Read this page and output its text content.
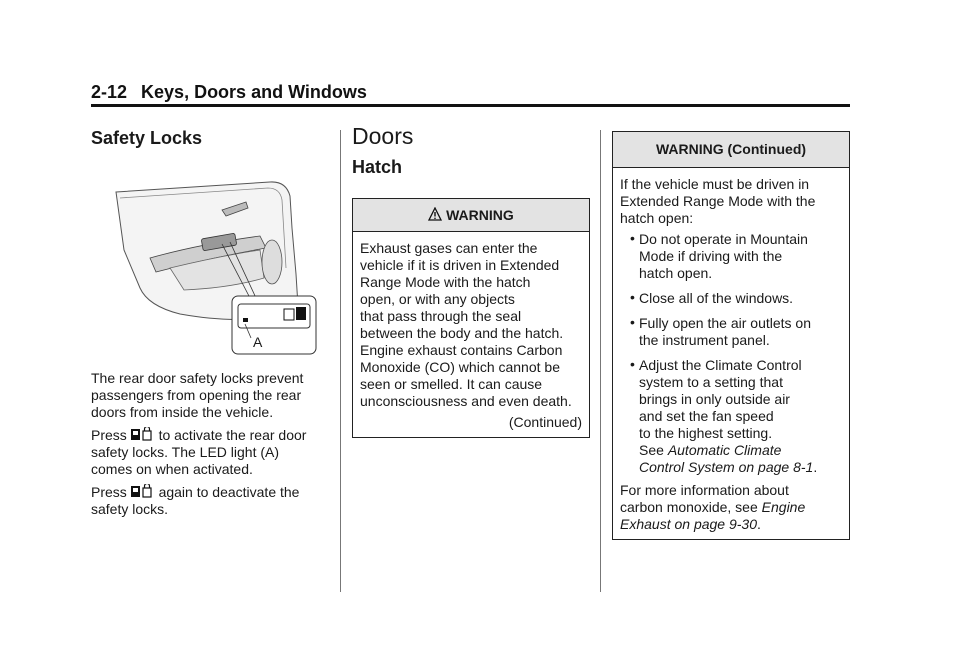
2-12 Keys, Doors and Windows
Safety Locks
A

The rear door safety locks prevent passengers from opening the rear doors from inside the vehicle.

Press to activate the rear door
safety locks. The LED light (A)
comes on when activated.

Press again to deactivate the
safety locks.

Doors
Hatch
WARNING
Exhaust gases can enter the
vehicle if it is driven in Extended
Range Mode with the hatch
open, or with any objects
that pass through the seal
between the body and the hatch.
Engine exhaust contains Carbon
Monoxide (CO) which cannot be
seen or smelled. It can cause
unconsciousness and even death.
(Continued)
WARNING (Continued)
If the vehicle must be driven in
Extended Range Mode with the
hatch open:
• Do not operate in Mountain
Mode if driving with the
hatch open.
• Close all of the windows.
• Fully open the air outlets on
the instrument panel.
• Adjust the Climate Control
system to a setting that
brings in only outside air
and set the fan speed
to the highest setting.
See Automatic Climate
Control System on page 8-1.
For more information about
carbon monoxide, see Engine
Exhaust on page 9-30.
